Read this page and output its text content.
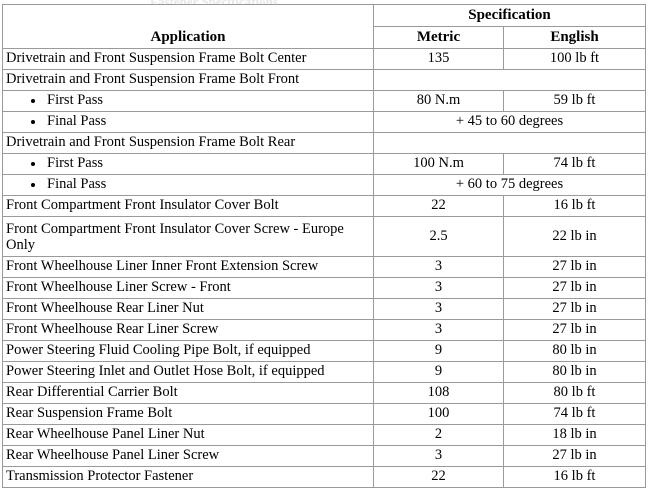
Application	Specification	
	Metric	English
Drivetrain and Front Suspension Frame Bolt Center	135	100 lb ft
Drivetrain and Front Suspension Frame Bolt Front		

First Pass	80 N.m	59 lb ft

Final Pass	+ 45 to 60 degrees	
Drivetrain and Front Suspension Frame Bolt Rear		

First Pass	100 N.m	74 lb ft

Final Pass	+ 60 to 75 degrees	
Front Compartment Front Insulator Cover Bolt	22	16 lb ft
Front Compartment Front Insulator Cover Screw - Europe Only	2.5	22 lb in
Front Wheelhouse Liner Inner Front Extension Screw	3	27 lb in
Front Wheelhouse Liner Screw - Front	3	27 lb in
Front Wheelhouse Rear Liner Nut	3	27 lb in
Front Wheelhouse Rear Liner Screw	3	27 lb in
Power Steering Fluid Cooling Pipe Bolt, if equipped	9	80 lb in
Power Steering Inlet and Outlet Hose Bolt, if equipped	9	80 lb in
Rear Differential Carrier Bolt	108	80 lb ft
Rear Suspension Frame Bolt	100	74 lb ft
Rear Wheelhouse Panel Liner Nut	2	18 lb in
Rear Wheelhouse Panel Liner Screw	3	27 lb in
Transmission Protector Fastener	22	16 lb ft
